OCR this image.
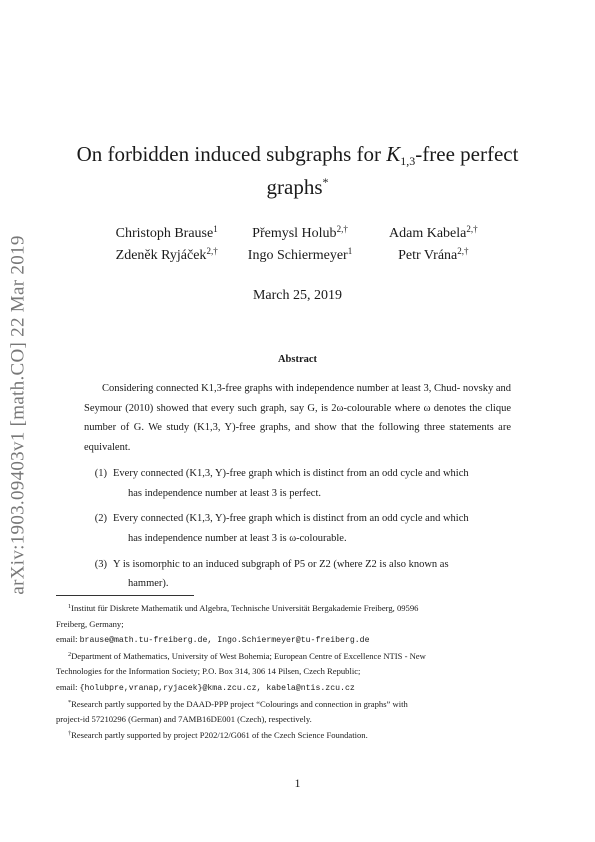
arXiv:1903.09403v1 [math.CO] 22 Mar 2019
On forbidden induced subgraphs for $K_{1,3}$-free perfect
graphs*
Christoph Brause$^1$	Přemysl Holub$^{2,\dagger}$	Adam Kabela$^{2,\dagger}$
Zdeněk Ryjáček$^{2,\dagger}$	Ingo Schiermeyer$^1$	Petr Vrána$^{2,\dagger}$
March 25, 2019
Abstract

Considering connected K1,3-free graphs with independence number at least 3, Chud- novsky and Seymour (2010) showed that every such graph, say G, is 2ω-colourable where ω denotes the clique number of G. We study (K1,3, Y)-free graphs, and show that the following three statements are equivalent.

(1) Every connected (K1,3, Y)-free graph which is distinct from an odd cycle and which
has independence number at least 3 is perfect.
(2) Every connected (K1,3, Y)-free graph which is distinct from an odd cycle and which
has independence number at least 3 is ω-colourable.
(3) Y is isomorphic to an induced subgraph of P5 or Z2 (where Z2 is also known as
hammer).
$^1$Institut für Diskrete Mathematik und Algebra, Technische Universität Bergakademie Freiberg, 09596
Freiberg, Germany;
email: brause@math.tu-freiberg.de, Ingo.Schiermeyer@tu-freiberg.de
$^2$Department of Mathematics, University of West Bohemia; European Centre of Excellence NTIS - New
Technologies for the Information Society; P.O. Box 314, 306 14 Pilsen, Czech Republic;
email: {holubpre,vranap,ryjacek}@kma.zcu.cz, kabela@ntis.zcu.cz
*Research partly supported by the DAAD-PPP project “Colourings and connection in graphs” with
project-id 57210296 (German) and 7AMB16DE001 (Czech), respectively.
†Research partly supported by project P202/12/G061 of the Czech Science Foundation.
1
